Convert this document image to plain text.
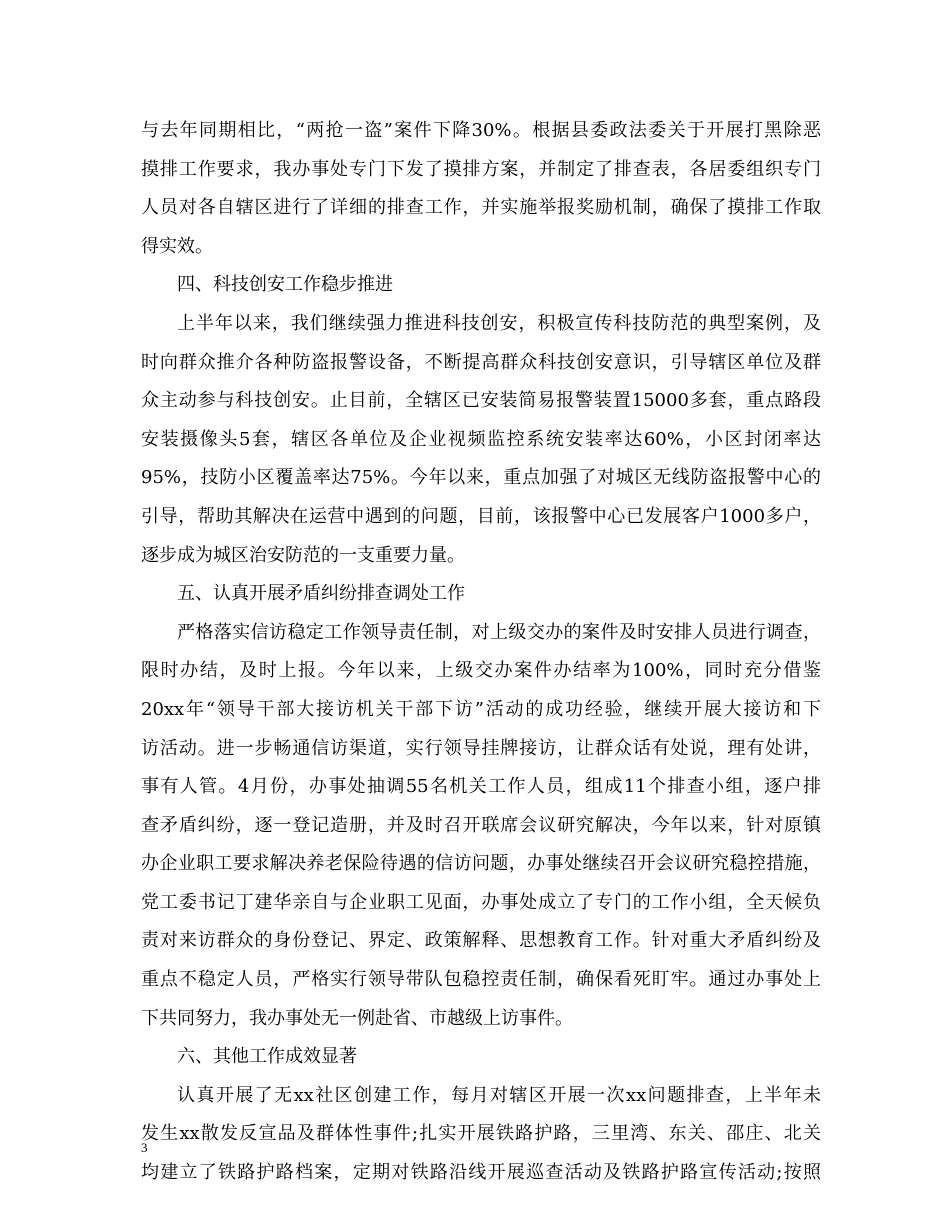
与去年同期相比，“两抢一盗”案件下降30%。根据县委政法委关于开展打黑除恶
摸排工作要求，我办事处专门下发了摸排方案，并制定了排查表，各居委组织专门
人员对各自辖区进行了详细的排查工作，并实施举报奖励机制，确保了摸排工作取
得实效。
四、科技创安工作稳步推进
上半年以来，我们继续强力推进科技创安，积极宣传科技防范的典型案例，及
时向群众推介各种防盗报警设备，不断提高群众科技创安意识，引导辖区单位及群
众主动参与科技创安。止目前，全辖区已安装简易报警装置15000多套，重点路段
安装摄像头5套，辖区各单位及企业视频监控系统安装率达60%，小区封闭率达
95%，技防小区覆盖率达75%。今年以来，重点加强了对城区无线防盗报警中心的
引导，帮助其解决在运营中遇到的问题，目前，该报警中心已发展客户1000多户，
逐步成为城区治安防范的一支重要力量。
五、认真开展矛盾纠纷排查调处工作
严格落实信访稳定工作领导责任制，对上级交办的案件及时安排人员进行调查，
限时办结，及时上报。今年以来，上级交办案件办结率为100%，同时充分借鉴
20xx年“领导干部大接访机关干部下访”活动的成功经验，继续开展大接访和下
访活动。进一步畅通信访渠道，实行领导挂牌接访，让群众话有处说，理有处讲，
事有人管。4月份，办事处抽调55名机关工作人员，组成11个排查小组，逐户排
查矛盾纠纷，逐一登记造册，并及时召开联席会议研究解决，今年以来，针对原镇
办企业职工要求解决养老保险待遇的信访问题，办事处继续召开会议研究稳控措施，
党工委书记丁建华亲自与企业职工见面，办事处成立了专门的工作小组，全天候负
责对来访群众的身份登记、界定、政策解释、思想教育工作。针对重大矛盾纠纷及
重点不稳定人员，严格实行领导带队包稳控责任制，确保看死盯牢。通过办事处上
下共同努力，我办事处无一例赴省、市越级上访事件。
六、其他工作成效显著
认真开展了无xx社区创建工作，每月对辖区开展一次xx问题排查，上半年未
发生xx散发反宣品及群体性事件;扎实开展铁路护路，三里湾、东关、邵庄、北关
均建立了铁路护路档案，定期对铁路沿线开展巡查活动及铁路护路宣传活动;按照
3
